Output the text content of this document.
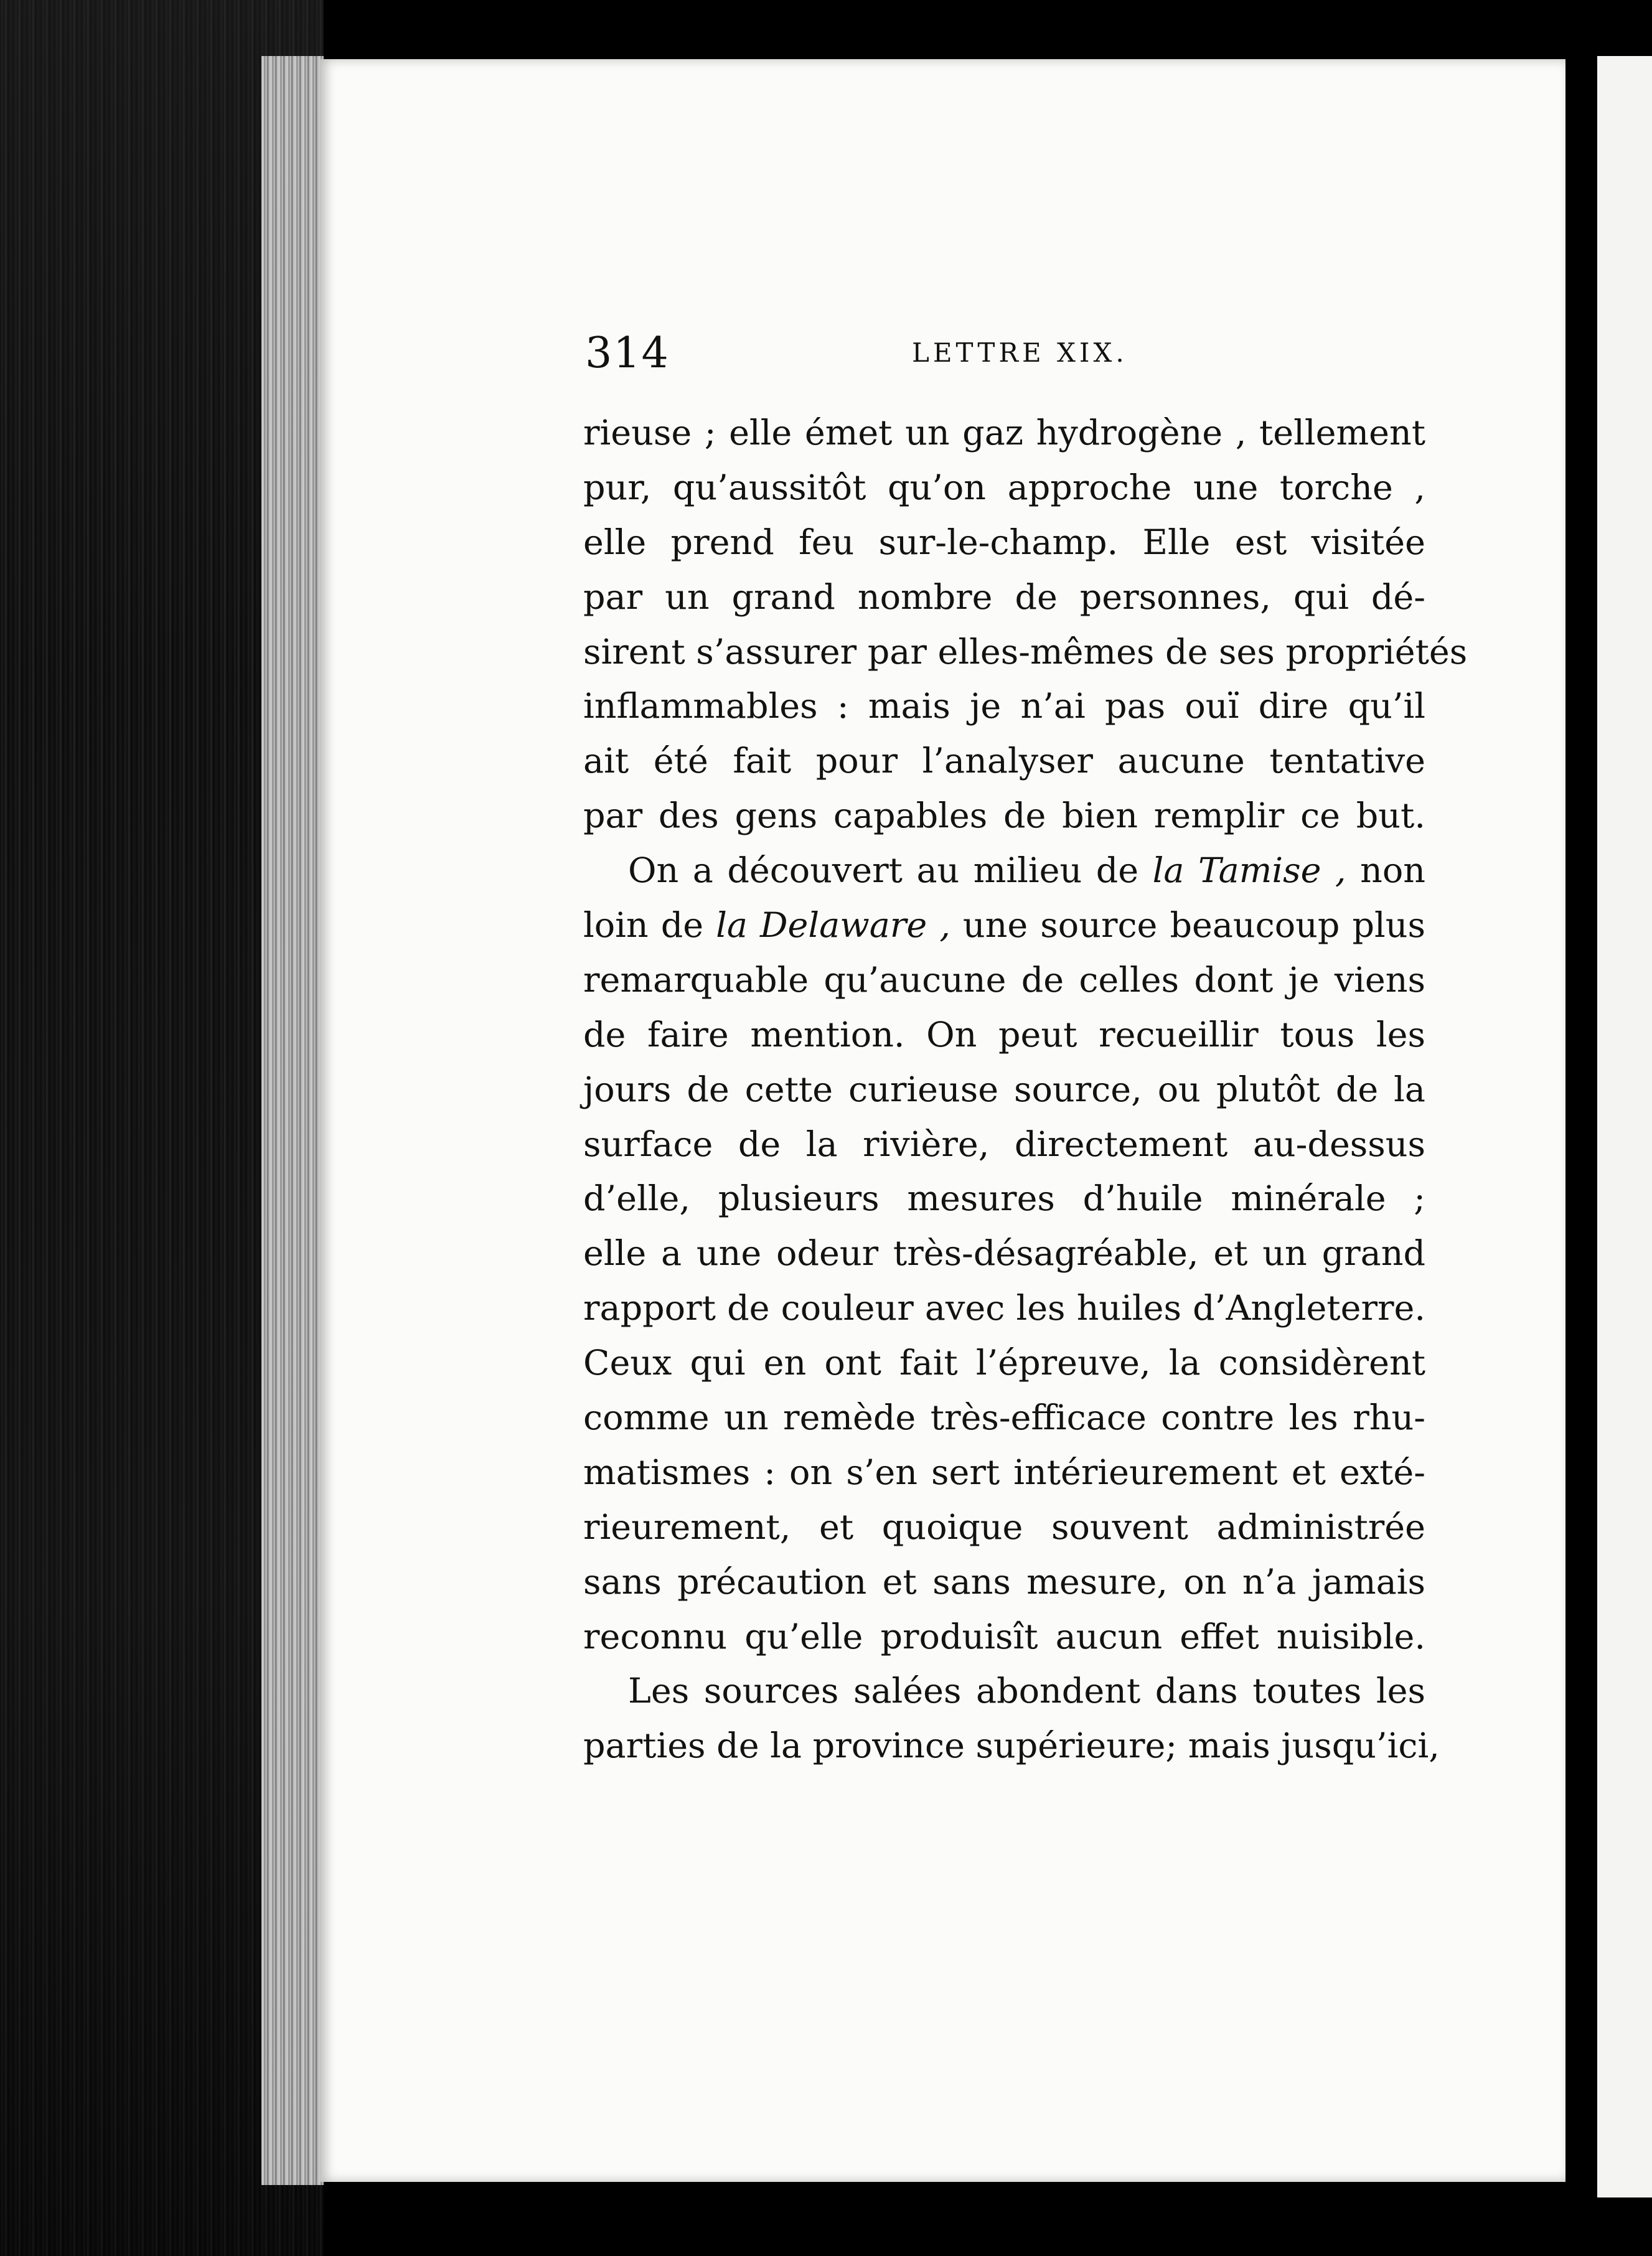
314	LETTRE XIX.
rieuse ; elle émet un gaz hydrogène , tellement
pur, qu’aussitôt qu’on approche une torche ,
elle prend feu sur-le-champ. Elle est visitée
par un grand nombre de personnes, qui dé-
sirent s’assurer par elles-mêmes de ses propriétés
inflammables : mais je n’ai pas ouï dire qu’il
ait été fait pour l’analyser aucune tentative
par des gens capables de bien remplir ce but.
On a découvert au milieu de la Tamise , non
loin de la Delaware , une source beaucoup plus
remarquable qu’aucune de celles dont je viens
de faire mention. On peut recueillir tous les
jours de cette curieuse source, ou plutôt de la
surface de la rivière, directement au-dessus
d’elle, plusieurs mesures d’huile minérale ;
elle a une odeur très-désagréable, et un grand
rapport de couleur avec les huiles d’Angleterre.
Ceux qui en ont fait l’épreuve, la considèrent
comme un remède très-efficace contre les rhu-
matismes : on s’en sert intérieurement et exté-
rieurement, et quoique souvent administrée
sans précaution et sans mesure, on n’a jamais
reconnu qu’elle produisît aucun effet nuisible.
Les sources salées abondent dans toutes les
parties de la province supérieure; mais jusqu’ici,
